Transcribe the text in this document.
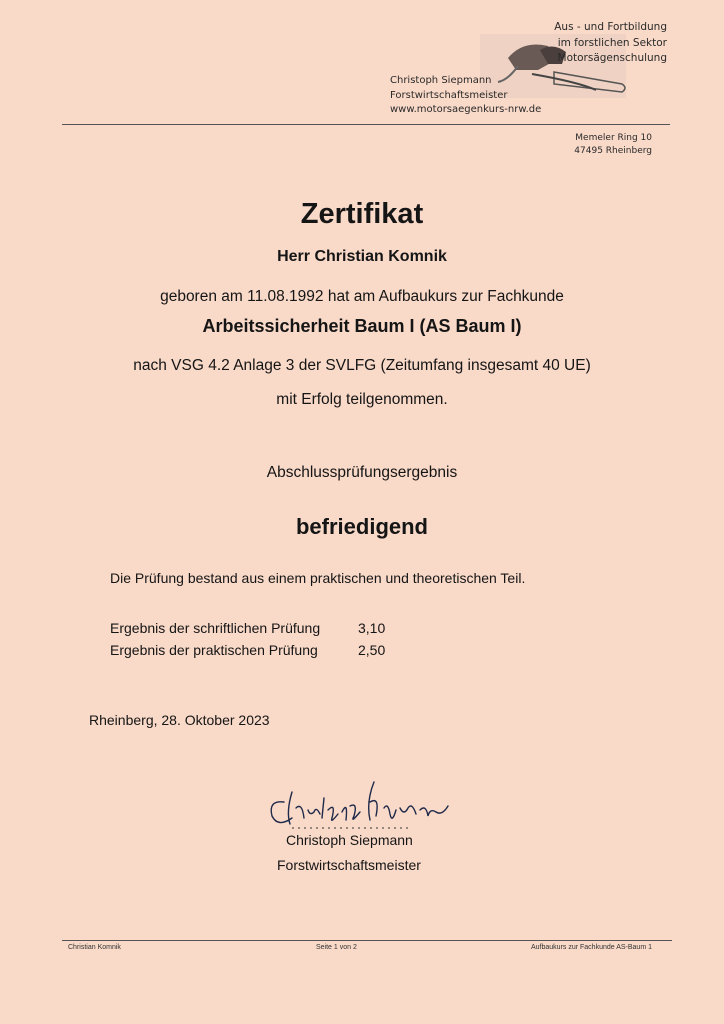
Aus - und Fortbildung
im forstlichen Sektor
Motorsägenschulung
Christoph Siepmann
Forstwirtschaftsmeister
www.motorsaegenkurs-nrw.de
Memeler Ring 10
47495 Rheinberg
Zertifikat
Herr Christian Komnik
geboren am 11.08.1992 hat am Aufbaukurs zur Fachkunde
Arbeitssicherheit Baum I (AS Baum I)
nach VSG 4.2 Anlage 3 der SVLFG (Zeitumfang insgesamt 40 UE)
mit Erfolg teilgenommen.
Abschlussprüfungsergebnis
befriedigend
Die Prüfung bestand aus einem praktischen und theoretischen Teil.
Ergebnis der schriftlichen Prüfung	3,10
Ergebnis der praktischen Prüfung	2,50
Rheinberg, 28. Oktober 2023
Christoph Siepmann
Forstwirtschaftsmeister
Christian Komnik	Seite 1 von 2	Aufbaukurs zur Fachkunde AS-Baum 1
